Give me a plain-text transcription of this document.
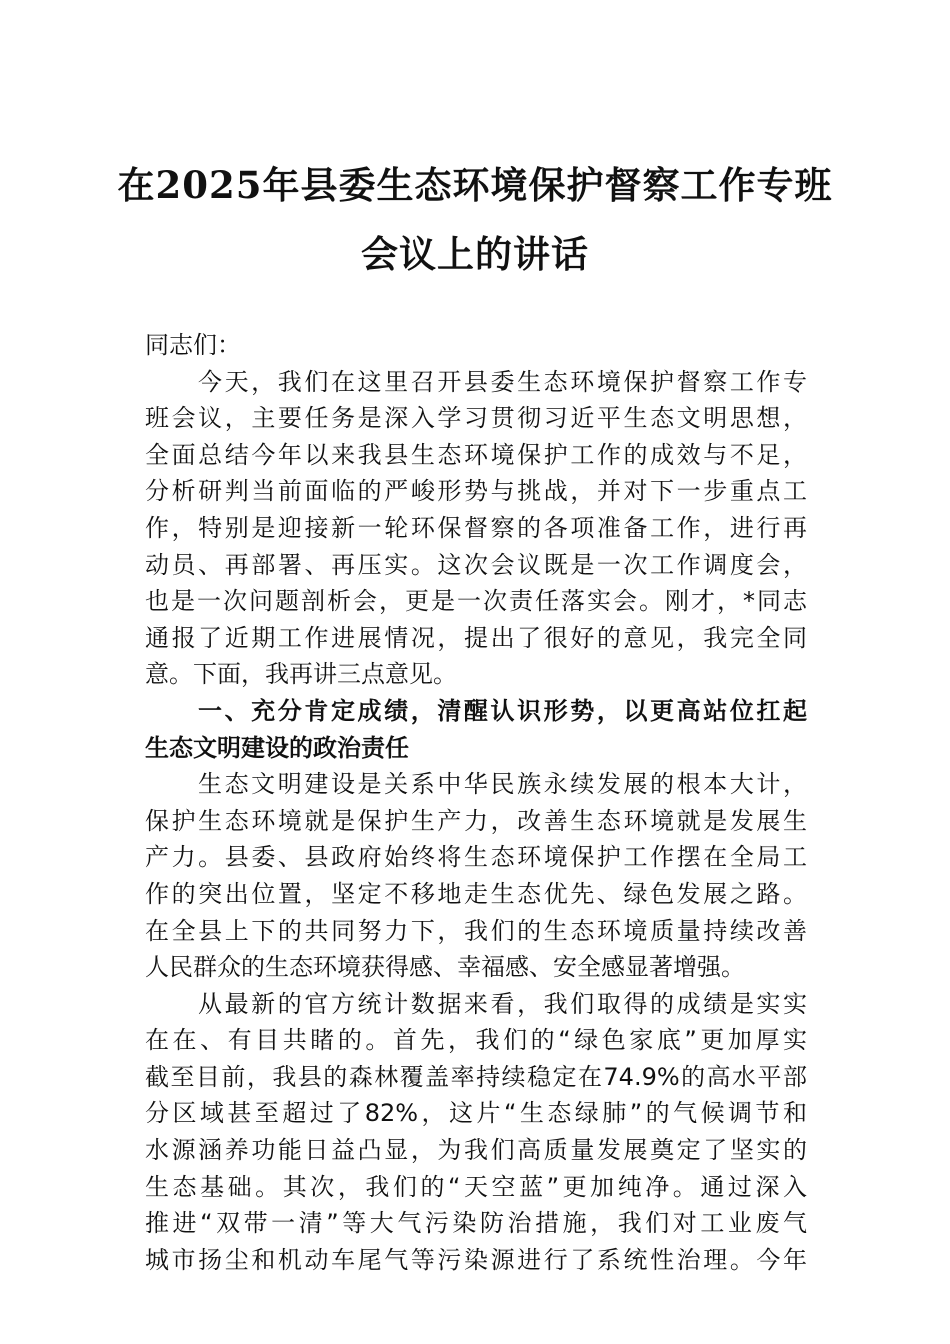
在2025年县委生态环境保护督察工作专班
会议上的讲话
同志们：
今天，我们在这里召开县委生态环境保护督察工作专
班会议，主要任务是深入学习贯彻习近平生态文明思想，
全面总结今年以来我县生态环境保护工作的成效与不足，
分析研判当前面临的严峻形势与挑战，并对下一步重点工
作，特别是迎接新一轮环保督察的各项准备工作，进行再
动员、再部署、再压实。这次会议既是一次工作调度会，
也是一次问题剖析会，更是一次责任落实会。刚才，*同志
通报了近期工作进展情况，提出了很好的意见，我完全同
意。下面，我再讲三点意见。
一、充分肯定成绩，清醒认识形势，以更高站位扛起
生态文明建设的政治责任
生态文明建设是关系中华民族永续发展的根本大计，
保护生态环境就是保护生产力，改善生态环境就是发展生
产力。县委、县政府始终将生态环境保护工作摆在全局工
作的突出位置，坚定不移地走生态优先、绿色发展之路。
在全县上下的共同努力下，我们的生态环境质量持续改善
人民群众的生态环境获得感、幸福感、安全感显著增强。
从最新的官方统计数据来看，我们取得的成绩是实实
在在、有目共睹的。首先，我们的“绿色家底”更加厚实
截至目前，我县的森林覆盖率持续稳定在74.9%的高水平部
分区域甚至超过了82%，这片“生态绿肺”的气候调节和
水源涵养功能日益凸显，为我们高质量发展奠定了坚实的
生态基础。其次，我们的“天空蓝”更加纯净。通过深入
推进“双带一清”等大气污染防治措施，我们对工业废气
城市扬尘和机动车尾气等污染源进行了系统性治理。今年
